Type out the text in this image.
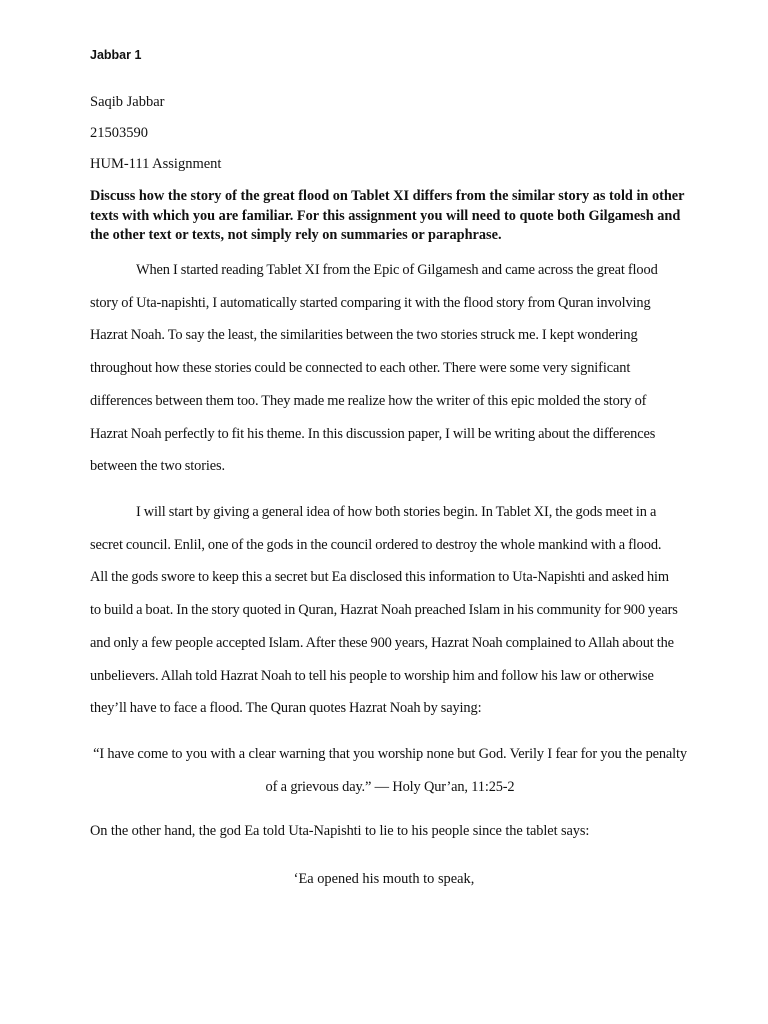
Jabbar 1
Saqib Jabbar
21503590
HUM-111 Assignment
Discuss how the story of the great flood on Tablet XI differs from the similar story as told in other texts with which you are familiar. For this assignment you will need to quote both Gilgamesh and the other text or texts, not simply rely on summaries or paraphrase.
When I started reading Tablet XI from the Epic of Gilgamesh and came across the great flood
story of Uta-napishti, I automatically started comparing it with the flood story from Quran involving
Hazrat Noah. To say the least, the similarities between the two stories struck me. I kept wondering
throughout how these stories could be connected to each other. There were some very significant
differences between them too. They made me realize how the writer of this epic molded the story of
Hazrat Noah perfectly to fit his theme. In this discussion paper, I will be writing about the differences
between the two stories.
I will start by giving a general idea of how both stories begin. In Tablet XI, the gods meet in a
secret council. Enlil, one of the gods in the council ordered to destroy the whole mankind with a flood.
All the gods swore to keep this a secret but Ea disclosed this information to Uta-Napishti and asked him
to build a boat. In the story quoted in Quran, Hazrat Noah preached Islam in his community for 900 years
and only a few people accepted Islam. After these 900 years, Hazrat Noah complained to Allah about the
unbelievers. Allah told Hazrat Noah to tell his people to worship him and follow his law or otherwise
they’ll have to face a flood. The Quran quotes Hazrat Noah by saying:
“I have come to you with a clear warning that you worship none but God. Verily I fear for you the penalty
of a grievous day.” — Holy Qur’an, 11:25-2
On the other hand, the god Ea told Uta-Napishti to lie to his people since the tablet says:
‘Ea opened his mouth to speak,
